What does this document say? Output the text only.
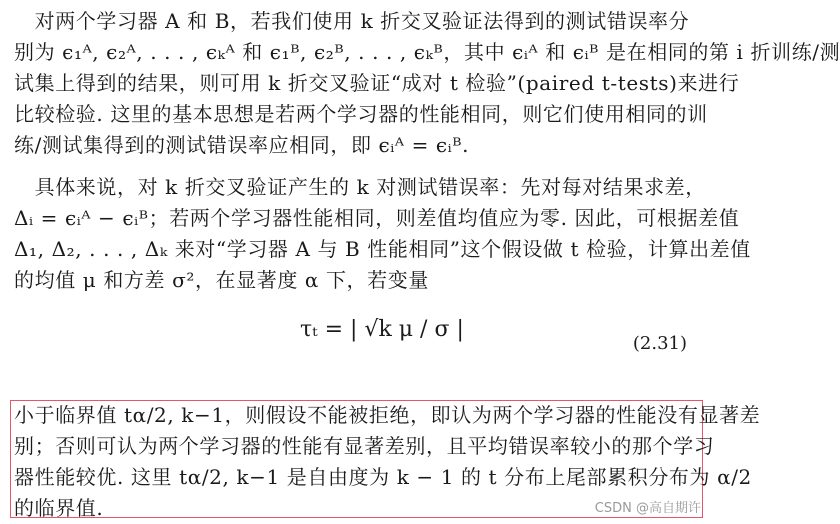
　对两个学习器 A 和 B，若我们使用 k 折交叉验证法得到的测试错误率分
别为 ϵ₁ᴬ, ϵ₂ᴬ, . . . , ϵₖᴬ 和 ϵ₁ᴮ, ϵ₂ᴮ, . . . , ϵₖᴮ，其中 ϵᵢᴬ 和 ϵᵢᴮ 是在相同的第 i 折训练/测
试集上得到的结果，则可用 k 折交叉验证“成对 t 检验”(paired t-tests)来进行
比较检验. 这里的基本思想是若两个学习器的性能相同，则它们使用相同的训
练/测试集得到的测试错误率应相同，即 ϵᵢᴬ = ϵᵢᴮ.

　具体来说，对 k 折交叉验证产生的 k 对测试错误率：先对每对结果求差，
Δᵢ = ϵᵢᴬ − ϵᵢᴮ；若两个学习器性能相同，则差值均值应为零. 因此，可根据差值
Δ₁, Δ₂, . . . , Δₖ 来对“学习器 A 与 B 性能相同”这个假设做 t 检验，计算出差值
的均值 μ 和方差 σ²，在显著度 α 下，若变量

τₜ = | √k μ / σ |
(2.31)

小于临界值 tα/2, k−1，则假设不能被拒绝，即认为两个学习器的性能没有显著差
别；否则可认为两个学习器的性能有显著差别，且平均错误率较小的那个学习
器性能较优. 这里 tα/2, k−1 是自由度为 k − 1 的 t 分布上尾部累积分布为 α/2
的临界值.	CSDN @高自期许
